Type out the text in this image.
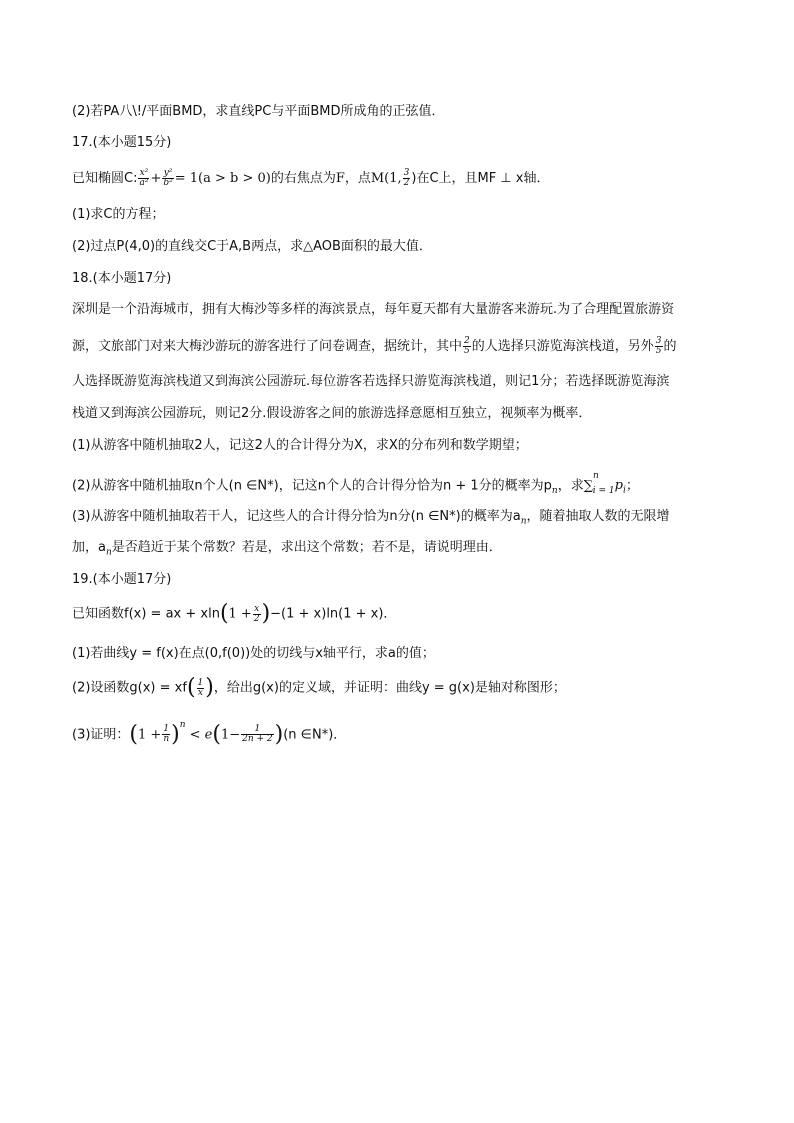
(2)若PA八\!/平面BMD，求直线PC与平面BMD所成角的正弦值．
17.(本小题15分)
已知椭圆C: $\frac{\text{x²}}{\text{a²}} + \frac{\text{y²}}{\text{b²}} = 1(a > b > 0)$的右焦点为F，点M(1, $\frac{3}{2}$ )在C上，且MF ⊥ x轴．
(1)求C的方程；
(2)过点P(4,0)的直线交C于A,B两点，求△AOB面积的最大值．
18.(本小题17分)
深圳是一个沿海城市，拥有大梅沙等多样的海滨景点，每年夏天都有大量游客来游玩.为了合理配置旅游资
源，文旅部门对来大梅沙游玩的游客进行了问卷调查，据统计，其中 $\frac{2}{5}$ 的人选择只游览海滨栈道，另外 $\frac{3}{5}$ 的
人选择既游览海滨栈道又到海滨公园游玩.每位游客若选择只游览海滨栈道，则记1分；若选择既游览海滨
栈道又到海滨公园游玩，则记2分.假设游客之间的旅游选择意愿相互独立，视频率为概率．
(1)从游客中随机抽取2人，记这2人的合计得分为X，求X的分布列和数学期望；
(2)从游客中随机抽取n个人(n ∈N*)，记这n个人的合计得分恰为n + 1分的概率为$p_n$，求$\sum^n_{i = 1}p_i$；
(3)从游客中随机抽取若干人，记这些人的合计得分恰为n分(n ∈N*)的概率为$a_n$，随着抽取人数的无限增
加，$a_n$是否趋近于某个常数？若是，求出这个常数；若不是，请说明理由．
19.(本小题17分)
已知函数f(x) = ax + $xln(1 + \frac{x}{2} )-(1 + x)\ln(1 + x)$．
(1)若曲线y = f(x)在点(0,f(0))处的切线与x轴平行，求a的值；
(2)设函数$g(x) = xf( \frac{1}{x}$ )，给出g(x)的定义域，并证明：曲线y = g(x)是轴对称图形；
(3)证明：$(1 + \frac{1}{n} )^n < e(1- \frac{1}{2n + 2} )(n$ ∈N*)．
